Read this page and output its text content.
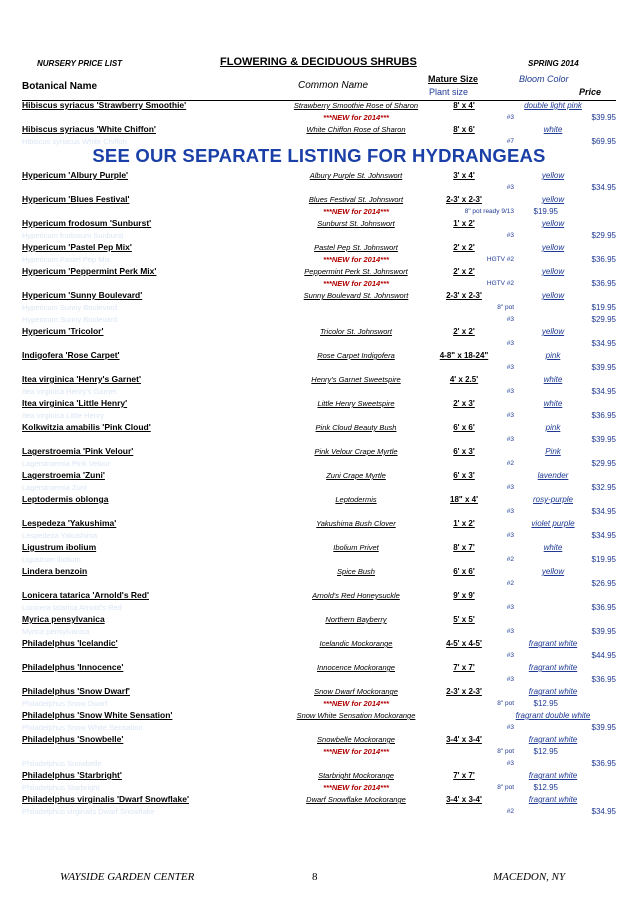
NURSERY PRICE LIST	FLOWERING & DECIDUOUS SHRUBS	SPRING 2014
Botanical Name	Common Name
Mature Size	Bloom Color
Plant size	Price
Hibiscus syriacus 'Strawberry Smoothie'	Strawberry Smoothie Rose of Sharon	8' x 4'	double light pink
***NEW for 2014***	#3	$39.95
Hibiscus syriacus 'White Chiffon'	White Chiffon Rose of Sharon	8' x 6'	white
Hibiscus syriacus White Chiffon	#7	$69.95
Hypericum 'Albury Purple'	Albury Purple St. Johnswort	3' x 4'	yellow
#3	$34.95
Hypericum 'Blues Festival'	Blues Festival St. Johnswort	2-3' x 2-3'	yellow
***NEW for 2014***	8" pot ready 9/13 $19.95
Hypericum frodosum 'Sunburst'	Sunburst St. Johnswort	1' x 2'	yellow
Hypericum frodosum Sunburst	#3	$29.95
Hypericum 'Pastel Pep Mix'	Pastel Pep St. Johnswort	2' x 2'	yellow
Hypericum Pastel Pep Mix	***NEW for 2014***	HGTV #2	$36.95
Hypericum 'Peppermint Perk Mix'	Peppermint Perk St. Johnswort	2' x 2'	yellow
***NEW for 2014***	HGTV #2	$36.95
Hypericum 'Sunny Boulevard'	Sunny Boulevard St. Johnswort	2-3' x 2-3'	yellow
Hypericum Sunny Boulevard	8" pot	$19.95
Hypericum Sunny Boulevard	#3	$29.95
Hypericum 'Tricolor'	Tricolor St. Johnswort	2' x 2'	yellow
#3	$34.95
Indigofera 'Rose Carpet'	Rose Carpet Indigofera	4-8" x 18-24"	pink
#3	$39.95
Itea virginica 'Henry's Garnet'	Henry's Garnet Sweetspire	4' x 2.5'	white
Itea virginica Henry's Garnet	#3	$34.95
Itea virginica 'Little Henry'	Little Henry Sweetspire	2' x 3'	white
Itea virginica Little Henry	#3	$36.95
Kolkwitzia amabilis 'Pink Cloud'	Pink Cloud Beauty Bush	6' x 6'	pink
#3	$39.95
Lagerstroemia 'Pink Velour'	Pink Velour Crape Myrtle	6' x 3'	Pink
Lagerstroemia Pink Velour	#2	$29.95
Lagerstroemia 'Zuni'	Zuni Crape Myrtle	6' x 3'	lavender
Lagerstroemia Zuni	#3	$32.95
Leptodermis oblonga	Leptodermis	18" x 4'	rosy-purple
#3	$34.95
Lespedeza 'Yakushima'	Yakushima Bush Clover	1' x 2'	violet purple
Lespedeza Yakushima	#3	$34.95
Ligustrum ibolium	Ibolium Privet	8' x 7'	white
Ligustrum ibolium	#2	$19.95
Lindera benzoin	Spice Bush	6' x 6'	yellow
#2	$26.95
Lonicera tatarica 'Arnold's Red'	Arnold's Red Honeysuckle	9' x 9'
Lonicera tatarica Arnold's Red	#3	$36.95
Myrica pensylvanica	Northern Bayberry	5' x 5'
Myrica pensylvanica	#3	$39.95
Philadelphus 'Icelandic'	Icelandic Mockorange	4-5' x 4-5'	fragrant white
#3	$44.95
Philadelphus 'Innocence'	Innocence Mockorange	7' x 7'	fragrant white
#3	$36.95
Philadelphus 'Snow Dwarf'	Snow Dwarf Mockorange	2-3' x 2-3'	fragrant white
Philadelphus Snow Dwarf	***NEW for 2014***	8" pot $12.95
Philadelphus 'Snow White Sensation'	Snow White Sensation Mockorange	fragrant double white
Philadelphus Snow White Sensation	#3	$39.95
Philadelphus 'Snowbelle'	Snowbelle Mockorange	3-4' x 3-4'	fragrant white
***NEW for 2014***	8" pot $12.95
Philadelphus Snowbelle	#3	$36.95
Philadelphus 'Starbright'	Starbright Mockorange	7' x 7'	fragrant white
Philadelphus Starbright	***NEW for 2014***	8" pot $12.95
Philadelphus virginalis 'Dwarf Snowflake'	Dwarf Snowflake Mockorange	3-4' x 3-4'	fragrant white
Philadelphus virginalis Dwarf Snowflake	#2	$34.95
SEE OUR SEPARATE LISTING FOR HYDRANGEAS
WAYSIDE GARDEN CENTER	8	MACEDON, NY
